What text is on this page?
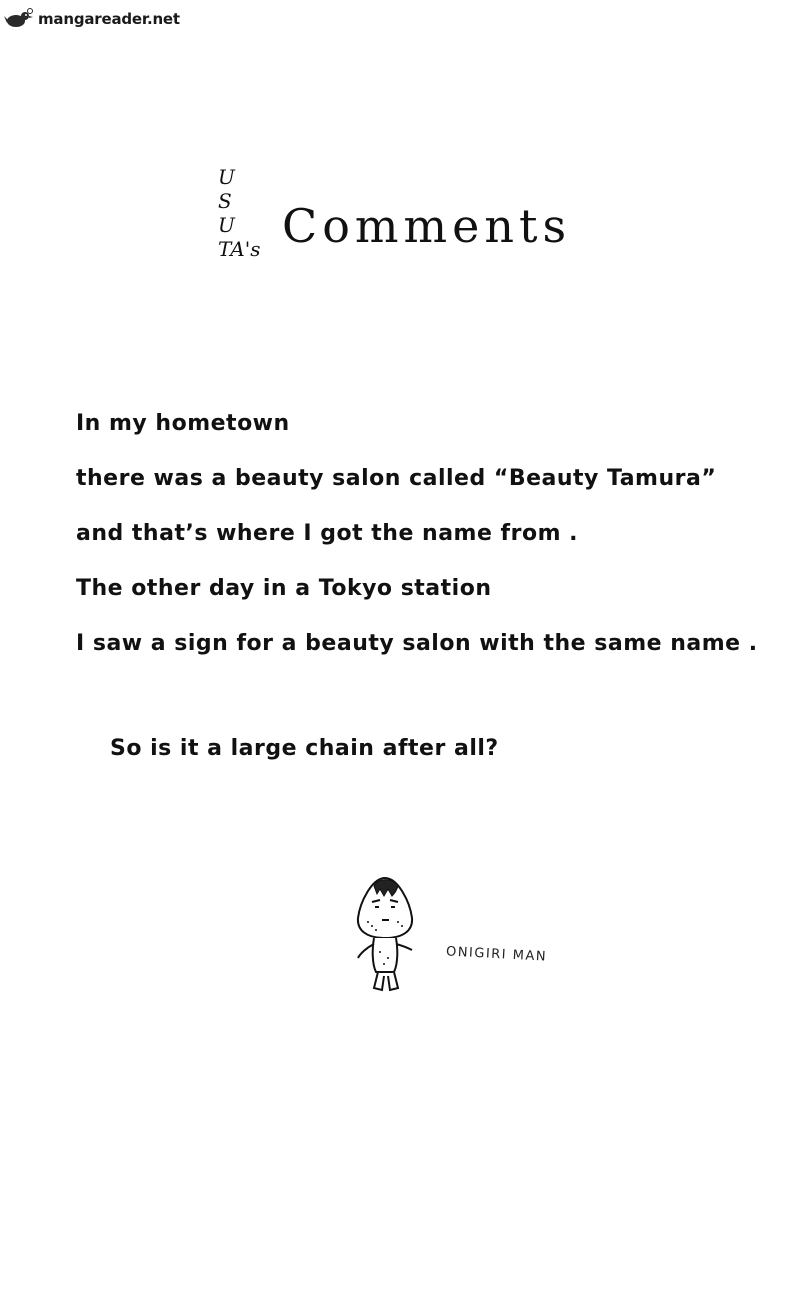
mangareader.net
U
S
U
TA's Comments
In my hometown
there was a beauty salon called “Beauty Tamura”
and that’s where I got the name from .
The other day in a Tokyo station
I saw a sign for a beauty salon with the same name .
So is it a large chain after all?
ONIGIRI MAN
